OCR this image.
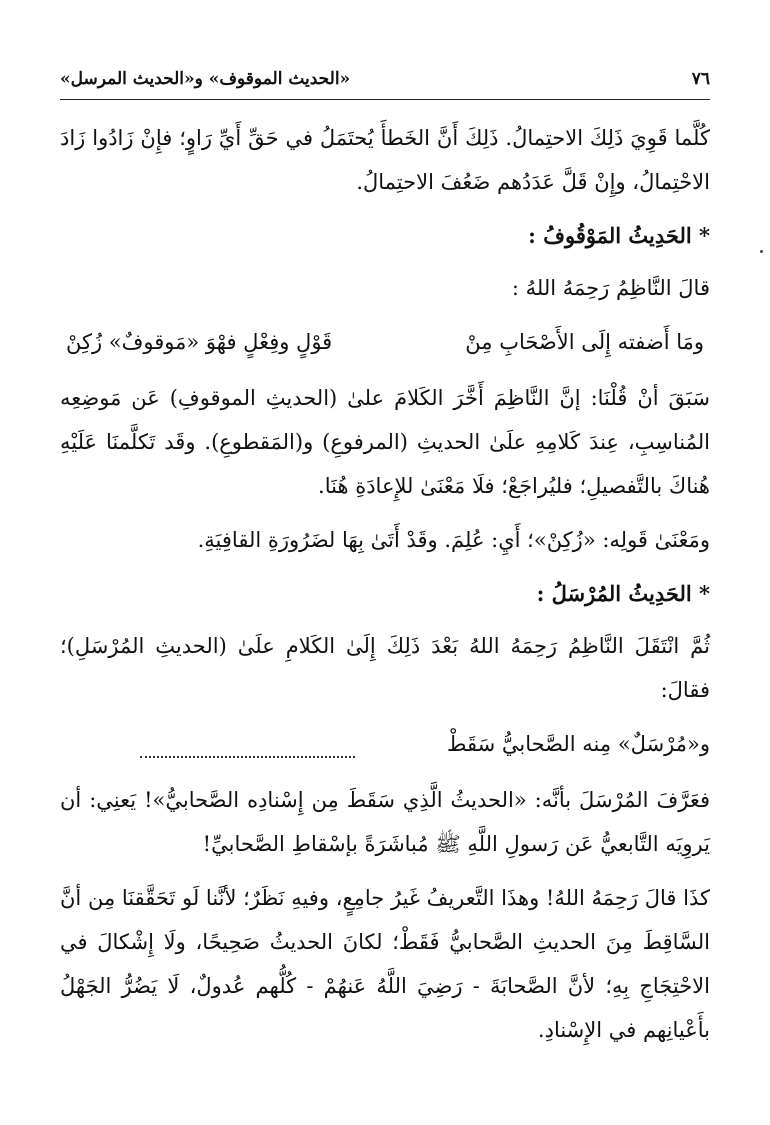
٧٦
«الحديث الموقوف» و«الحديث المرسل»

كُلَّما قَوِيَ ذَلِكَ الاحتِمالُ. ذَلِكَ أَنَّ الخَطأَ يُحتَمَلُ في حَقِّ أَيِّ رَاوٍ؛ فإِنْ زَادُوا زَادَ الاحْتِمالُ، وإِنْ قَلَّ عَدَدُهم ضَعُفَ الاحتِمالُ.

* الحَدِيثُ المَوْقُوفُ :

قالَ النَّاظِمُ رَحِمَهُ اللهُ :

ومَا أَضفته إِلَى الأَصْحَابِ مِنْ
قَوْلٍ وفِعْلٍ فهْوَ «مَوقوفٌ» زُكِنْ

سَبَقَ أنْ قُلْنَا: إنَّ النَّاظِمَ أَخَّرَ الكَلامَ علىٰ (الحديثِ الموقوفِ) عَن مَوضِعِه المُناسِبِ، عِندَ كَلامِهِ علَىٰ الحديثِ (المرفوعِ) و(المَقطوعِ). وقَد تَكلَّمنَا عَلَيْهِ هُناكَ بالتَّفصيلِ؛ فليُراجَعْ؛ فلَا مَعْنَىٰ للإِعادَةِ هُنَا.

ومَعْنَىٰ قَولِه: «زُكِنْ»؛ أَيِ: عُلِمَ. وقَدْ أَتَىٰ بِهَا لضَرُورَةِ القافِيَةِ.

* الحَدِيثُ المُرْسَلُ :

ثُمَّ انْتَقَلَ النَّاظِمُ رَحِمَهُ اللهُ بَعْدَ ذَلِكَ إِلَىٰ الكَلامِ علَىٰ (الحديثِ المُرْسَلِ)؛ فقالَ:

و«مُرْسَلٌ» مِنه الصَّحابيُّ سَقَطْ

فعَرَّفَ المُرْسَلَ بأنَّه: «الحديثُ الَّذِي سَقَطَ مِن إِسْنادِه الصَّحابيُّ»! يَعنِي: أن يَروِيَه التَّابعيُّ عَن رَسولِ اللَّهِ ﷺ مُباشَرَةً بإسْقاطِ الصَّحابيِّ!

كذَا قالَ رَحِمَهُ اللهُ! وهذَا التَّعريفُ غَيرُ جامِعٍ، وفيهِ نَظَرٌ؛ لأنَّنا لَو تَحَقَّقنَا مِن أنَّ السَّاقِطَ مِنَ الحديثِ الصَّحابيُّ فَقَطْ؛ لكانَ الحديثُ صَحِيحًا، ولَا إِشْكالَ في الاحْتِجَاجِ بِهِ؛ لأنَّ الصَّحابَةَ - رَضِيَ اللَّهُ عَنهُمْ - كُلُّهم عُدولٌ، لَا يَضُرُّ الجَهْلُ بأَعْيانِهم في الإِسْنادِ.
